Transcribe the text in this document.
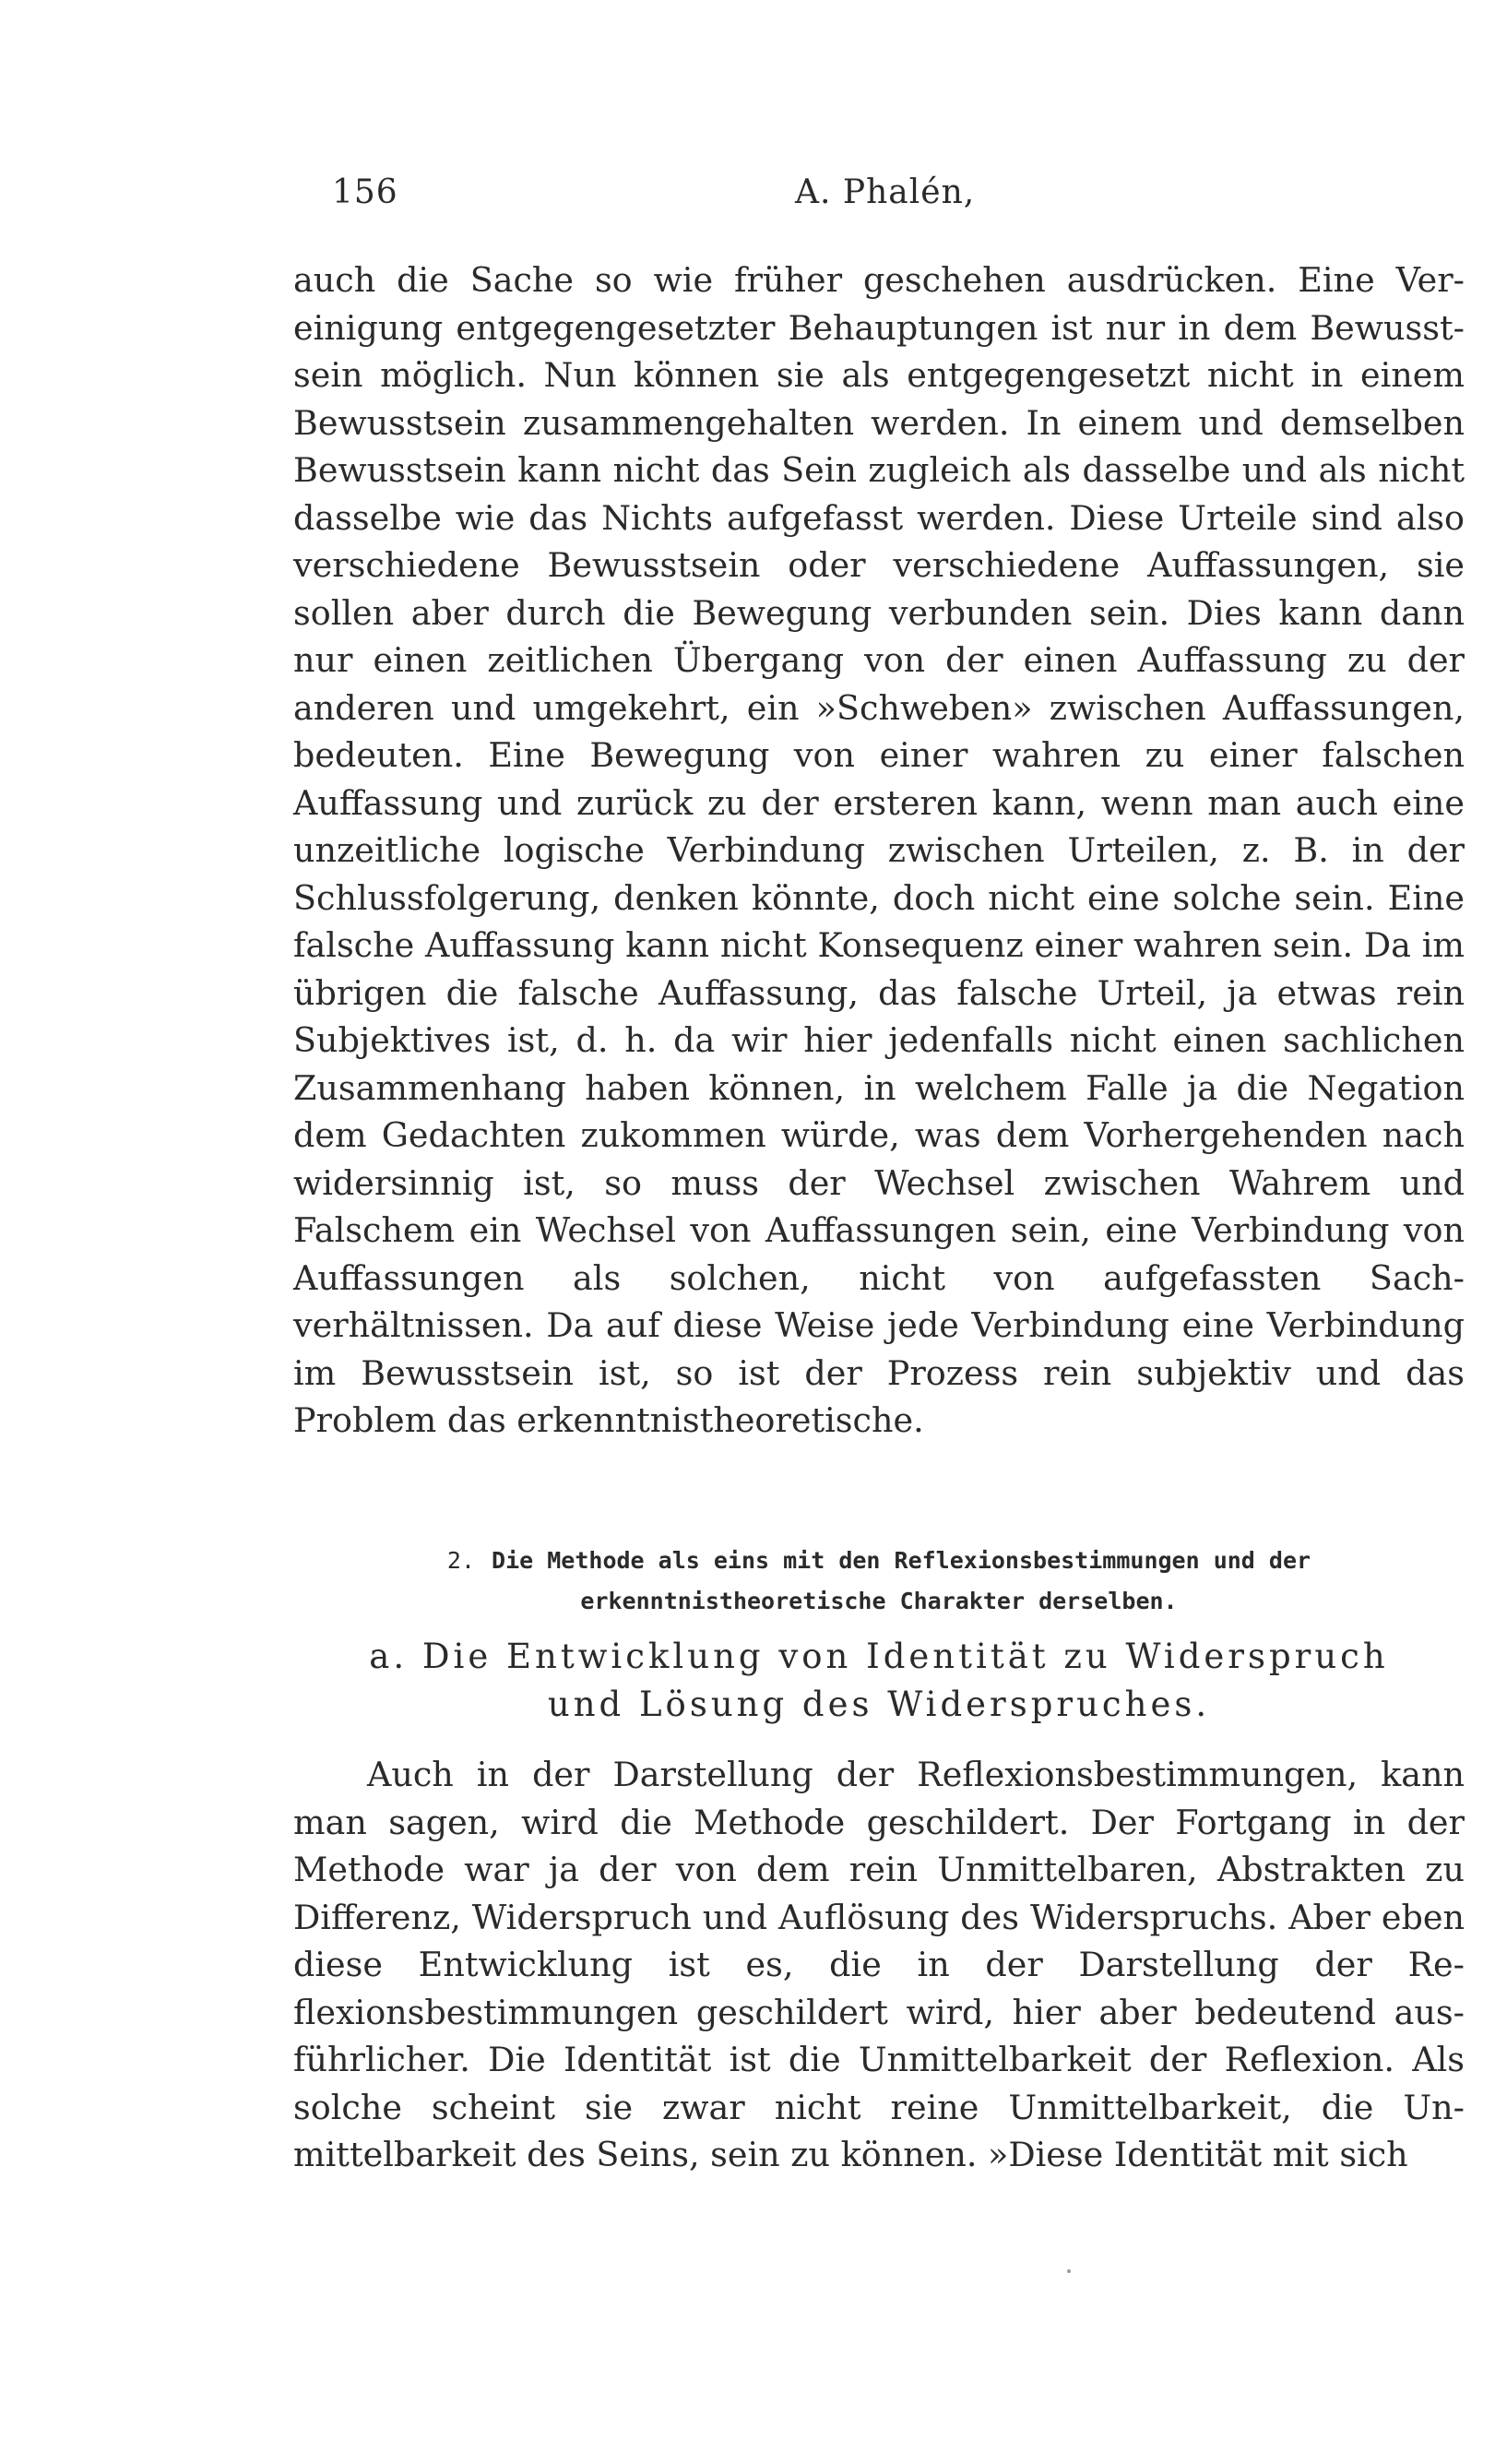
156	A. Phalén,

auch die Sache so wie früher geschehen ausdrücken. Eine Vereinigung entgegengesetzter Behauptungen ist nur in dem Bewusstsein möglich. Nun können sie als entgegengesetzt nicht in einem Bewusstsein zusammengehalten werden. In einem und demselben Bewusstsein kann nicht das Sein zugleich als dasselbe und als nicht dasselbe wie das Nichts aufgefasst werden. Diese Urteile sind also verschiedene Bewusstsein oder verschiedene Auffassungen, sie sollen aber durch die Bewegung verbunden sein. Dies kann dann nur einen zeitlichen Übergang von der einen Auffassung zu der anderen und umgekehrt, ein »Schweben» zwischen Auffassungen, bedeuten. Eine Bewegung von einer wahren zu einer falschen Auffassung und zurück zu der ersteren kann, wenn man auch eine unzeitliche logische Verbindung zwischen Urteilen, z. B. in der Schlussfolgerung, denken könnte, doch nicht eine solche sein. Eine falsche Auffassung kann nicht Konsequenz einer wahren sein. Da im übrigen die falsche Auffassung, das falsche Urteil, ja etwas rein Subjektives ist, d. h. da wir hier jedenfalls nicht einen sachlichen Zusammenhang haben können, in welchem Falle ja die Negation dem Gedachten zukommen würde, was dem Vorhergehenden nach widersinnig ist, so muss der Wechsel zwischen Wahrem und Falschem ein Wechsel von Auffassungen sein, eine Verbindung von Auffassungen als solchen, nicht von aufgefassten Sachverhältnissen. Da auf diese Weise jede Verbindung eine Verbindung im Bewusstsein ist, so ist der Prozess rein subjektiv und das Problem das erkenntnistheoretische.

2. Die Methode als eins mit den Reflexionsbestimmungen und der
erkenntnistheoretische Charakter derselben.
a. Die Entwicklung von Identität zu Widerspruch
und Lösung des Widerspruches.

Auch in der Darstellung der Reflexionsbestimmungen, kann man sagen, wird die Methode geschildert. Der Fortgang in der Methode war ja der von dem rein Unmittelbaren, Abstrakten zu Differenz, Widerspruch und Auflösung des Widerspruchs. Aber eben diese Entwicklung ist es, die in der Darstellung der Reflexionsbestimmungen geschildert wird, hier aber bedeutend ausführlicher. Die Identität ist die Unmittelbarkeit der Reflexion. Als solche scheint sie zwar nicht reine Unmittelbarkeit, die Unmittelbarkeit des Seins, sein zu können. »Diese Identität mit sich
